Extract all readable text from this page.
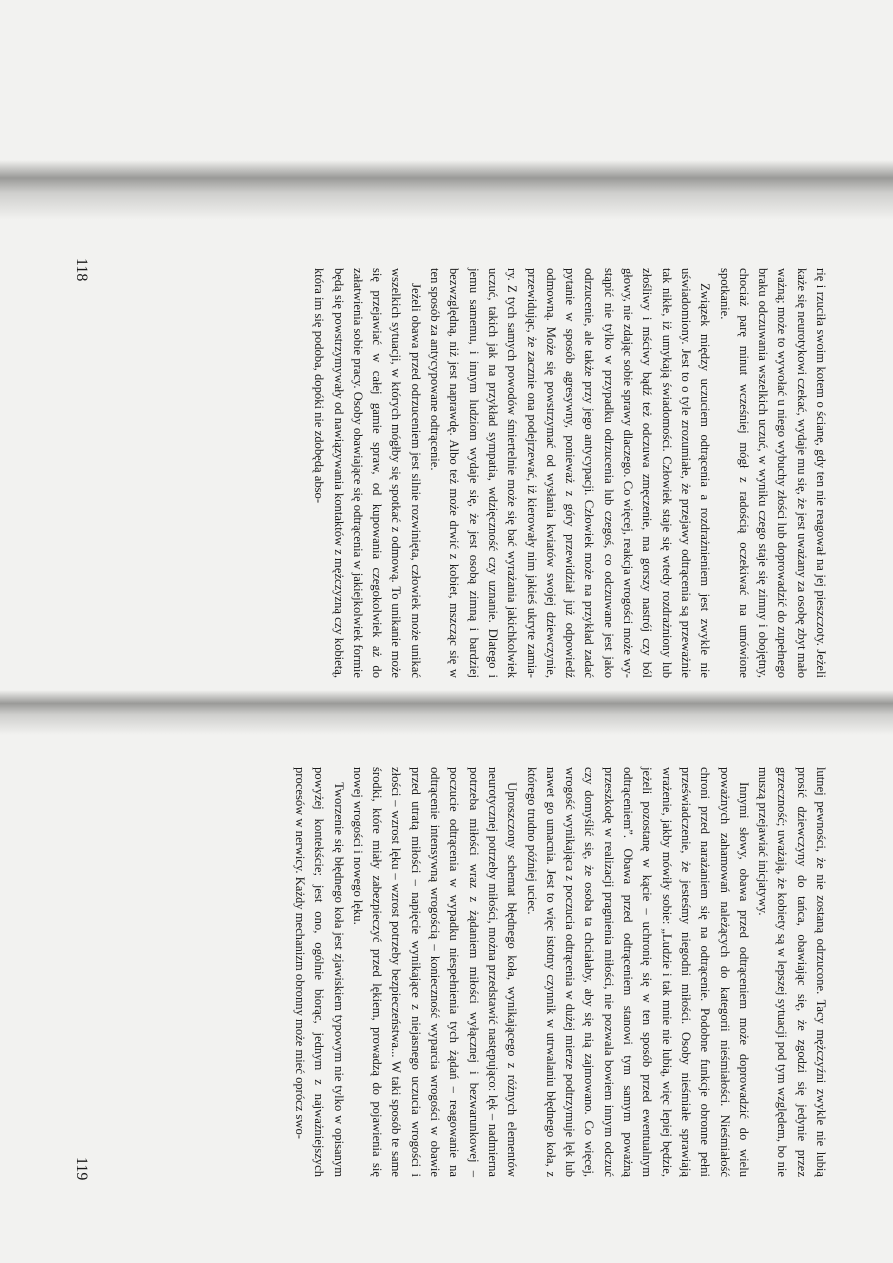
rię i rzuciła swoim kotem o ścianę, gdy ten nie reagował na jej pieszczoty. Jeżeli każe się neurotykowi czekać, wydaje mu się, że jest uważany za osobę zbyt mało ważną; może to wywołać u niego wybuchy złości lub doprowadzić do zupełnego braku odczuwania wszelkich uczuć, w wyniku czego staje się zimny i obojętny, chociaż parę minut wcześniej mógł z radością oczekiwać na umówione spotkanie.

Związek między uczuciem odtrącenia a rozdrażnieniem jest zwykle nie uświadomiony. Jest to o tyle zrozumiałe, że przejawy odtrącenia są przeważnie tak nikłe, iż umykają świadomości. Człowiek staje się wtedy rozdrażniony lub złośliwy i mściwy bądź też odczuwa zmęczenie, ma gorszy nastrój czy ból głowy, nie zdając sobie sprawy dlaczego. Co więcej, reakcja wrogości może wystąpić nie tylko w przypadku odrzucenia lub czegoś, co odczuwane jest jako odrzucenie, ale także przy jego antycypacji. Człowiek może na przykład zadać pytanie w sposób agresywny, ponieważ z góry przewidział już odpowiedź odmowną. Może się powstrzymać od wysłania kwiatów swojej dziewczynie, przewidując, że zacznie ona podejrzewać, iż kierowały nim jakieś ukryte zamiary. Z tych samych powodów śmiertelnie może się bać wyrażania jakichkolwiek uczuć, takich jak na przykład sympatia, wdzięczność czy uznanie. Dlatego i jemu samemu, i innym ludziom wydaje się, że jest osobą zimną i bardziej bezwzględną, niż jest naprawdę. Albo też może drwić z kobiet, mszcząc się w ten sposób za antycypowane odtrącenie.

Jeżeli obawa przed odrzuceniem jest silnie rozwinięta, człowiek może unikać wszelkich sytuacji, w których mógłby się spotkać z odmową. To unikanie może się przejawiać w całej gamie spraw, od kupowania czegokolwiek aż do załatwienia sobie pracy. Osoby obawiające się odtrącenia w jakiejkolwiek formie będą się powstrzymywały od nawiązywania kontaktów z mężczyzną czy kobietą, która im się podoba, dopóki nie zdobędą abso-

118

lutnej pewności, że nie zostaną odrzucone. Tacy mężczyźni zwykle nie lubią prosić dziewczyny do tańca, obawiając się, że zgodzi się jedynie przez grzeczność; uważają, że kobiety są w lepszej sytuacji pod tym względem, bo nie muszą przejawiać inicjatywy.

Innymi słowy, obawa przed odtrąceniem może doprowadzić do wielu poważnych zahamowań należących do kategorii nieśmiałości. Nieśmiałość chroni przed narażaniem się na odtrącenie. Podobne funkcje obronne pełni przeświadczenie, że jesteśmy niegodni miłości. Osoby nieśmiałe sprawiają wrażenie, jakby mówiły sobie: „Ludzie i tak mnie nie lubią, więc lepiej będzie, jeżeli pozostanę w kącie – uchronię się w ten sposób przed ewentualnym odtrąceniem”. Obawa przed odtrąceniem stanowi tym samym poważną przeszkodę w realizacji pragnienia miłości, nie pozwala bowiem innym odczuć czy domyślić się, że osoba ta chciałaby, aby się nią zajmowano. Co więcej, wrogość wynikająca z poczucia odtrącenia w dużej mierze podtrzymuje lęk lub nawet go umacnia. Jest to więc istotny czynnik w utrwalaniu błędnego koła, z którego trudno później uciec.

Uproszczony schemat błędnego koła, wynikającego z różnych elementów neurotycznej potrzeby miłości, można przedstawić następująco: lęk – nadmierna potrzeba miłości wraz z żądaniem miłości wyłącznej i bezwarunkowej – poczucie odtrącenia w wypadku niespełnienia tych żądań – reagowanie na odtrącenie intensywną wrogością – konieczność wyparcia wrogości w obawie przed utratą miłości – napięcie wynikające z niejasnego uczucia wrogości i złości – wzrost lęku – wzrost potrzeby bezpieczeństwa... W taki sposób te same środki, które miały zabezpieczyć przed lękiem, prowadzą do pojawienia się nowej wrogości i nowego lęku.

Tworzenie się błędnego koła jest zjawiskiem typowym nie tylko w opisanym powyżej kontekście; jest ono, ogólnie biorąc, jednym z najważniejszych procesów w nerwicy. Każdy mechanizm obronny może mieć oprócz swo-

119
